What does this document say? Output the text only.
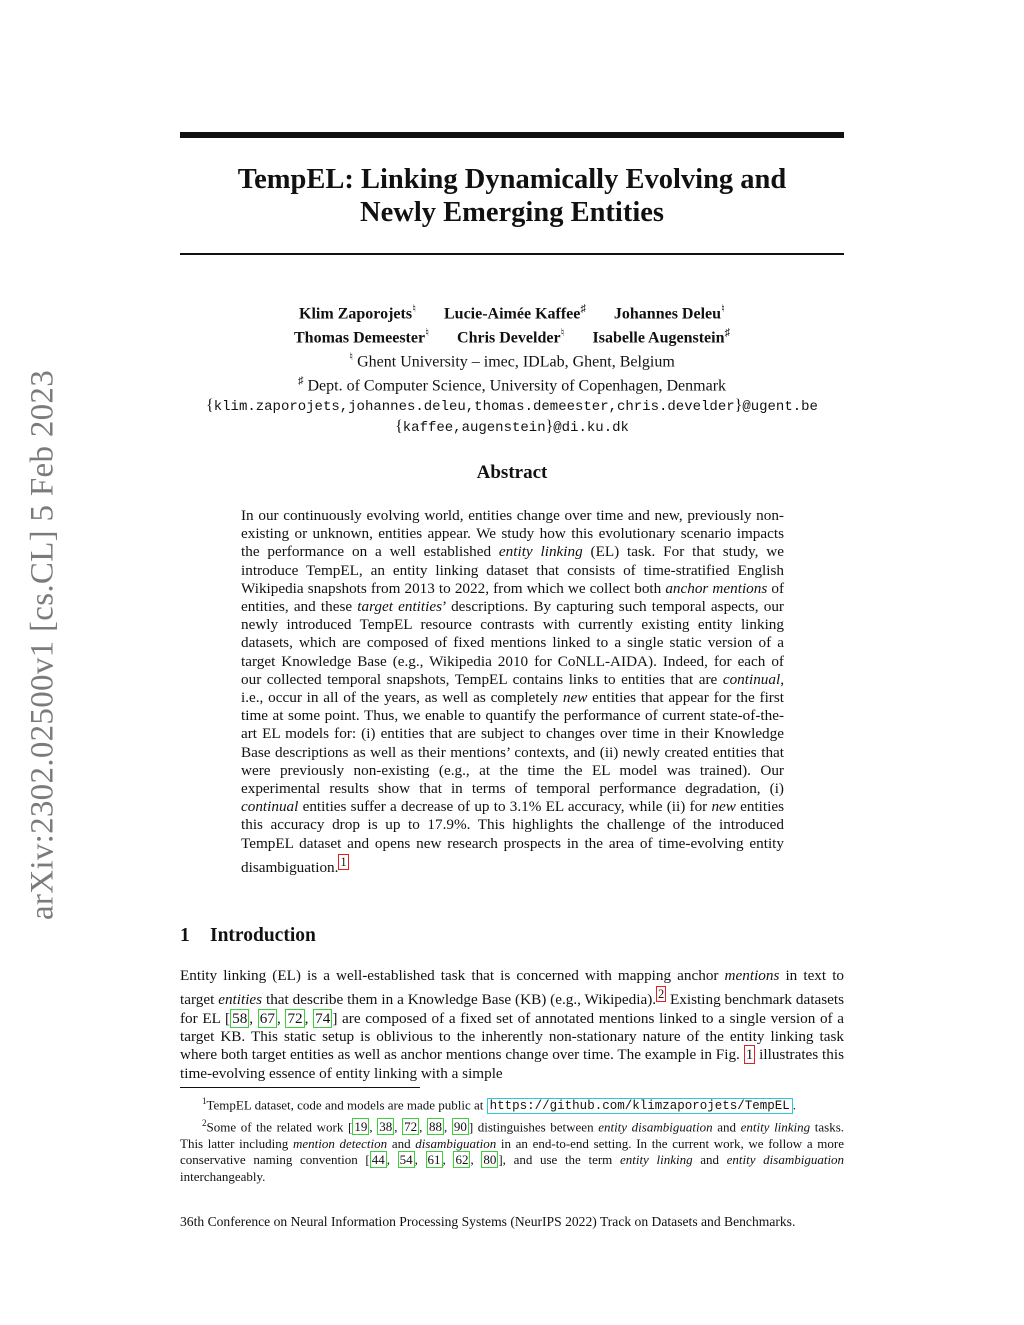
arXiv:2302.02500v1 [cs.CL] 5 Feb 2023
TempEL: Linking Dynamically Evolving and
Newly Emerging Entities
Klim Zaporojets♮ Lucie-Aimée Kaffee♯ Johannes Deleu♮
Thomas Demeester♮ Chris Develder♮ Isabelle Augenstein♯
♮ Ghent University – imec, IDLab, Ghent, Belgium
♯ Dept. of Computer Science, University of Copenhagen, Denmark
{klim.zaporojets,johannes.deleu,thomas.demeester,chris.develder}@ugent.be
{kaffee,augenstein}@di.ku.dk
Abstract
In our continuously evolving world, entities change over time and new, previously non-existing or unknown, entities appear. We study how this evolutionary scenario impacts the performance on a well established entity linking (EL) task. For that study, we introduce TempEL, an entity linking dataset that consists of time-stratified English Wikipedia snapshots from 2013 to 2022, from which we collect both anchor mentions of entities, and these target entities’ descriptions. By capturing such temporal aspects, our newly introduced TempEL resource contrasts with currently existing entity linking datasets, which are composed of fixed mentions linked to a single static version of a target Knowledge Base (e.g., Wikipedia 2010 for CoNLL-AIDA). Indeed, for each of our collected temporal snapshots, TempEL contains links to entities that are continual, i.e., occur in all of the years, as well as completely new entities that appear for the first time at some point. Thus, we enable to quantify the performance of current state-of-the-art EL models for: (i) entities that are subject to changes over time in their Knowledge Base descriptions as well as their mentions’ contexts, and (ii) newly created entities that were previously non-existing (e.g., at the time the EL model was trained). Our experimental results show that in terms of temporal performance degradation, (i) continual entities suffer a decrease of up to 3.1% EL accuracy, while (ii) for new entities this accuracy drop is up to 17.9%. This highlights the challenge of the introduced TempEL dataset and opens new research prospects in the area of time-evolving entity disambiguation. $^1$
1 Introduction
Entity linking (EL) is a well-established task that is concerned with mapping anchor mentions in text to target entities that describe them in a Knowledge Base (KB) (e.g., Wikipedia). $^2$ Existing benchmark datasets for EL [ 58 , 67 , 72 , 74 ] are composed of a fixed set of annotated mentions linked to a single version of a target KB. This static setup is oblivious to the inherently non-stationary nature of the entity linking task where both target entities as well as anchor mentions change over time. The example in Fig. 1 illustrates this time-evolving essence of entity linking with a simple
$^1$TempEL dataset, code and models are made public at https://github.com/klimzaporojets/TempEL .
$^2$Some of the related work [ 19 , 38 , 72 , 88 , 90 ] distinguishes between entity disambiguation and entity linking tasks. This latter including mention detection and disambiguation in an end-to-end setting. In the current work, we follow a more conservative naming convention [ 44 , 54 , 61 , 62 , 80 ], and use the term entity linking and entity disambiguation interchangeably.
36th Conference on Neural Information Processing Systems (NeurIPS 2022) Track on Datasets and Benchmarks.
